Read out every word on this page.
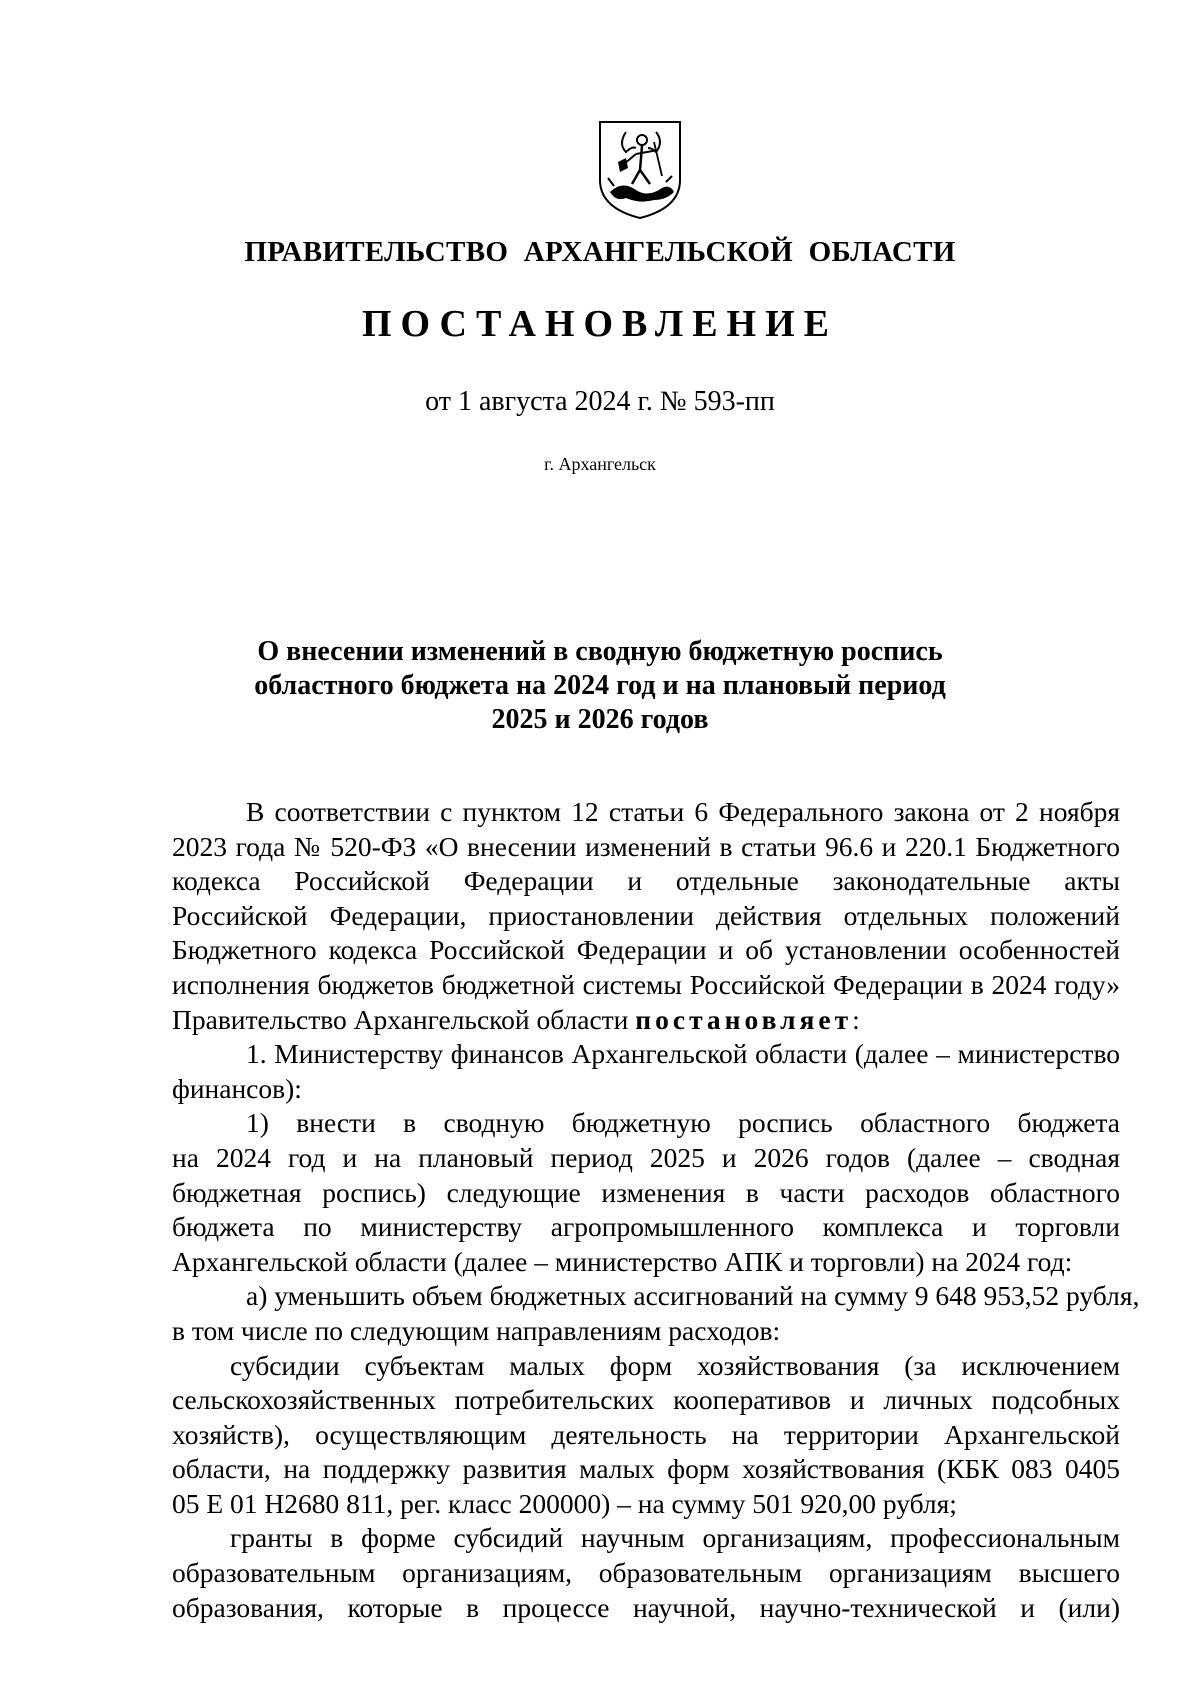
ПРАВИТЕЛЬСТВО АРХАНГЕЛЬСКОЙ ОБЛАСТИ
ПОСТАНОВЛЕНИЕ
от 1 августа 2024 г. № 593-пп
г. Архангельск
О внесении изменений в сводную бюджетную роспись
областного бюджета на 2024 год и на плановый период
2025 и 2026 годов
В соответствии с пунктом 12 статьи 6 Федерального закона от 2 ноября
2023 года № 520-ФЗ «О внесении изменений в статьи 96.6 и 220.1 Бюджетного
кодекса Российской Федерации и отдельные законодательные акты
Российской Федерации, приостановлении действия отдельных положений
Бюджетного кодекса Российской Федерации и об установлении особенностей
исполнения бюджетов бюджетной системы Российской Федерации в 2024 году»
Правительство Архангельской области постановляет:
1. Министерству финансов Архангельской области (далее – министерство
финансов):
1) внести в сводную бюджетную роспись областного бюджета
на 2024 год и на плановый период 2025 и 2026 годов (далее – сводная
бюджетная роспись) следующие изменения в части расходов областного
бюджета по министерству агропромышленного комплекса и торговли
Архангельской области (далее – министерство АПК и торговли) на 2024 год:
а) уменьшить объем бюджетных ассигнований на сумму 9 648 953,52 рубля,
в том числе по следующим направлениям расходов:
субсидии субъектам малых форм хозяйствования (за исключением
сельскохозяйственных потребительских кооперативов и личных подсобных
хозяйств), осуществляющим деятельность на территории Архангельской
области, на поддержку развития малых форм хозяйствования (КБК 083 0405
05 Е 01 Н2680 811, рег. класс 200000) – на сумму 501 920,00 рубля;
гранты в форме субсидий научным организациям, профессиональным
образовательным организациям, образовательным организациям высшего
образования, которые в процессе научной, научно-технической и (или)
